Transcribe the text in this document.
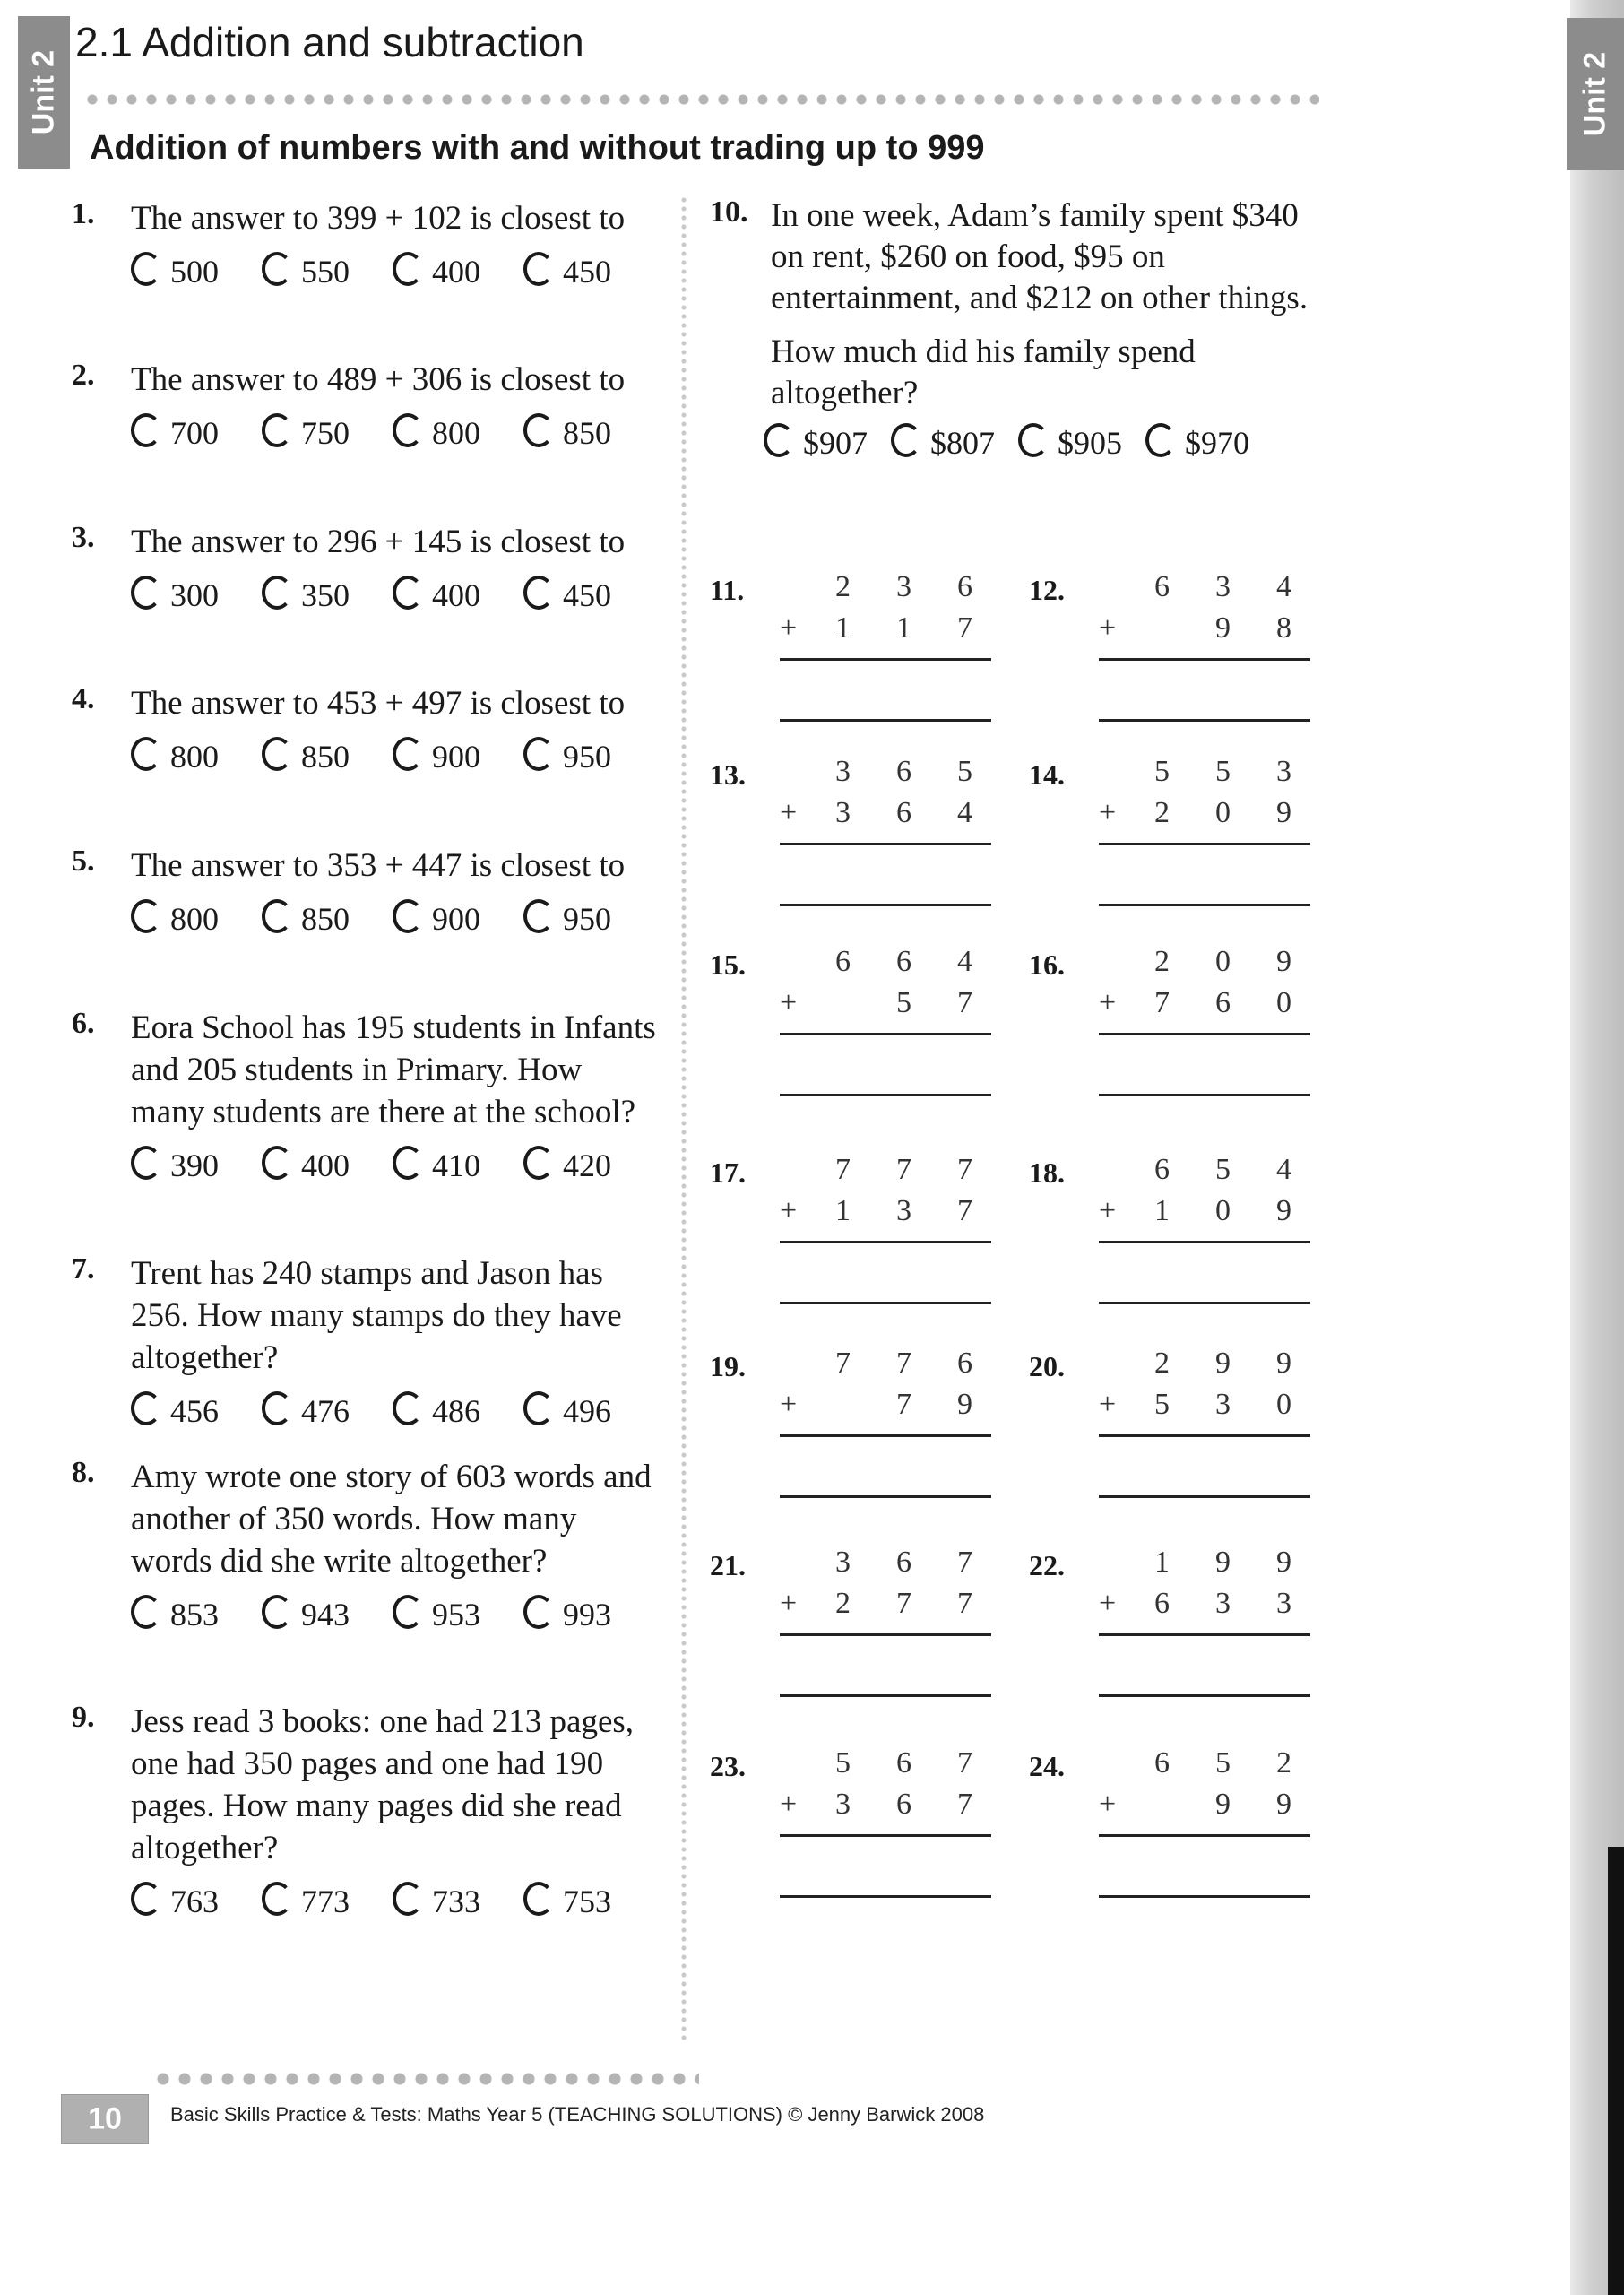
Unit 2
Unit 2
2.1 Addition and subtraction
Addition of numbers with and without trading up to 999
1. The answer to 399 + 102 is closest to
500	550	400	450
2. The answer to 489 + 306 is closest to
700	750	800	850
3. The answer to 296 + 145 is closest to
300	350	400	450
4. The answer to 453 + 497 is closest to
800	850	900	950
5. The answer to 353 + 447 is closest to
800	850	900	950
6. Eora School has 195 students in Infants and 205 students in Primary. How many students are there at the school?
390	400	410	420
7. Trent has 240 stamps and Jason has 256. How many stamps do they have altogether?
456	476	486	496
8. Amy wrote one story of 603 words and another of 350 words. How many words did she write altogether?
853	943	953	993
9. Jess read 3 books: one had 213 pages, one had 350 pages and one had 190 pages. How many pages did she read altogether?
763	773	733	753
10. In one week, Adam’s family spent $340 on rent, $260 on food, $95 on entertainment, and $212 on other things.
How much did his family spend altogether?
$907	$807	$905	$970
11.	2 3 6
+ 1 1 7
12.	6 3 4
+	9 8
13.	3 6 5
+ 3 6 4
14.	5 5 3
+ 2 0 9
15.	6 6 4
+	5 7
16.	2 0 9
+ 7 6 0
17.	7 7 7
+ 1 3 7
18.	6 5 4
+ 1 0 9
19.	7 7 6
+	7 9
20.	2 9 9
+ 5 3 0
21.	3 6 7
+ 2 7 7
22.	1 9 9
+ 6 3 3
23.	5 6 7
+ 3 6 7
24.	6 5 2
+	9 9
10 Basic Skills Practice & Tests: Maths Year 5 (TEACHING SOLUTIONS) © Jenny Barwick 2008
